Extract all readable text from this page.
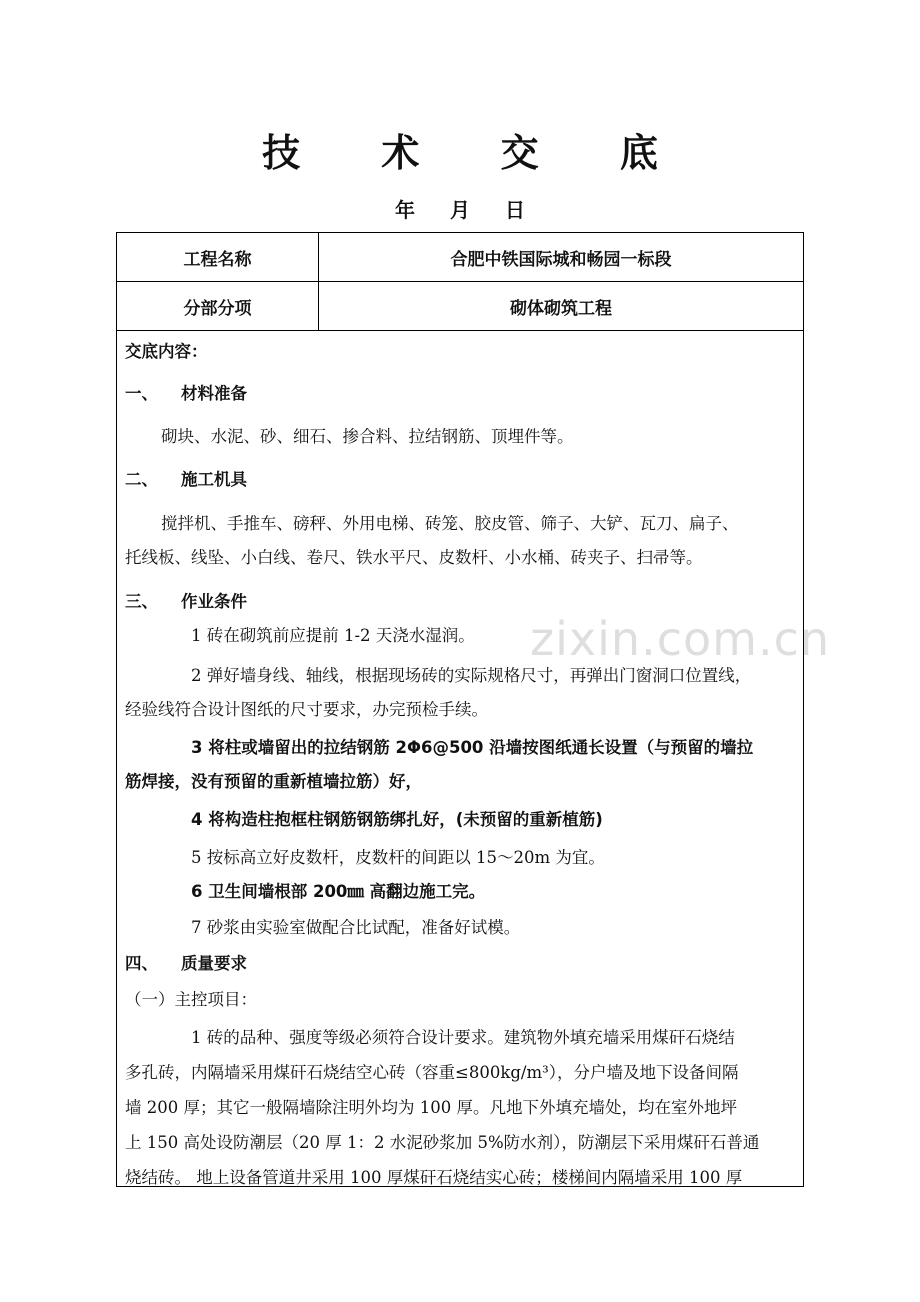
技 术 交 底
年 月 日
工程名称	合肥中铁国际城和畅园一标段
分部分项	砌体砌筑工程
交底内容：
一、 材料准备
砌块、水泥、砂、细石、掺合料、拉结钢筋、顶埋件等。
二、 施工机具
搅拌机、手推车、磅秤、外用电梯、砖笼、胶皮管、筛子、大铲、瓦刀、扁子、
托线板、线坠、小白线、卷尺、铁水平尺、皮数杆、小水桶、砖夹子、扫帚等。
三、 作业条件
1 砖在砌筑前应提前 1-2 天浇水湿润。
2 弹好墙身线、轴线，根据现场砖的实际规格尺寸，再弹出门窗洞口位置线，
经验线符合设计图纸的尺寸要求，办完预检手续。
3 将柱或墙留出的拉结钢筋 2Φ6@500 沿墙按图纸通长设置（与预留的墙拉
筋焊接，没有预留的重新植墙拉筋）好，
4 将构造柱抱框柱钢筋钢筋绑扎好，(未预留的重新植筋)
5 按标高立好皮数杆，皮数杆的间距以 15～20m 为宜。
6 卫生间墙根部 200㎜ 高翻边施工完。
7 砂浆由实验室做配合比试配，准备好试模。
四、 质量要求
（一）主控项目：
1 砖的品种、强度等级必须符合设计要求。建筑物外填充墙采用煤矸石烧结
多孔砖，内隔墙采用煤矸石烧结空心砖（容重≤800kg/m³），分户墙及地下设备间隔
墙 200 厚；其它一般隔墙除注明外均为 100 厚。凡地下外填充墙处，均在室外地坪
上 150 高处设防潮层（20 厚 1：2 水泥砂浆加 5%防水剂），防潮层下采用煤矸石普通
烧结砖。 地上设备管道井采用 100 厚煤矸石烧结实心砖；楼梯间内隔墙采用 100 厚
zixin.com.cn
